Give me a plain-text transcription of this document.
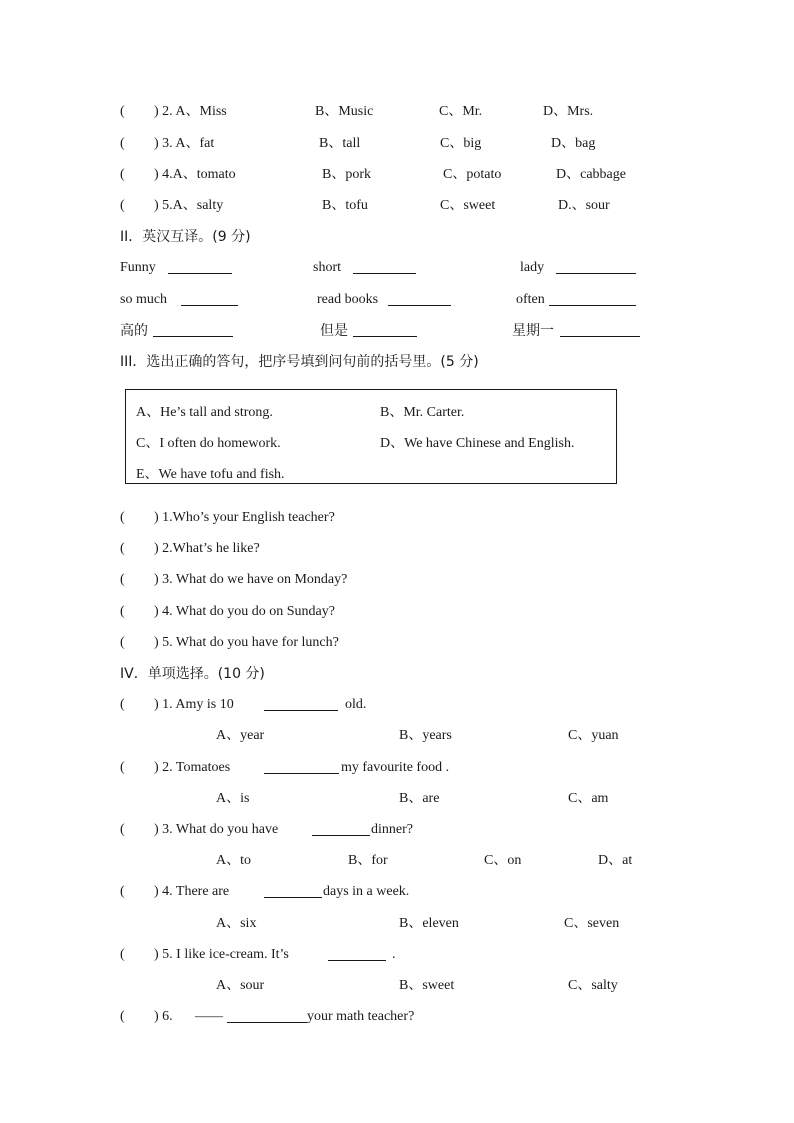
( ) 2. A、Miss	B、Music	C、Mr.	D、Mrs.
( ) 3. A、fat	B、tall	C、big	D、bag
( ) 4.A、tomato	B、pork	C、potato	D、cabbage
( ) 5.A、salty	B、tofu	C、sweet	D.、sour
II．英汉互译。(9 分)
Funny	short	lady
so much	read books	often
高的	但是	星期一
III．选出正确的答句，把序号填到问句前的括号里。(5 分)
A、He’s tall and strong.	B、Mr. Carter.
C、I often do homework.	D、We have Chinese and English.
E、We have tofu and fish.
( ) 1.Who’s your English teacher?
( ) 2.What’s he like?
( ) 3. What do we have on Monday?
( ) 4. What do you do on Sunday?
( ) 5. What do you have for lunch?
IV．单项选择。(10 分)
( ) 1. Amy is 10	old.
A、year	B、years	C、yuan
( ) 2. Tomatoes	my favourite food .
A、is	B、are	C、am
( ) 3. What do you have	dinner?
A、to	B、for	C、on	D、at
( ) 4. There are	days in a week.
A、six	B、eleven	C、seven
( ) 5. I like ice-cream. It’s	.
A、sour	B、sweet	C、salty
( ) 6. ——	your math teacher?
